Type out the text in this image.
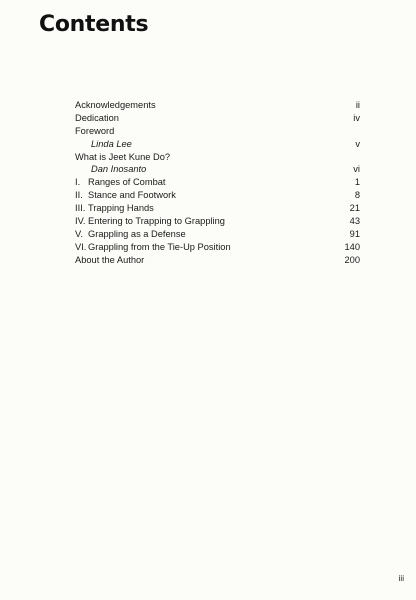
Contents
Acknowledgements	ii
Dedication	iv
Foreword
Linda Lee	v
What is Jeet Kune Do?
Dan Inosanto	vi
I. Ranges of Combat	1
II. Stance and Footwork	8
III. Trapping Hands	21
IV. Entering to Trapping to Grappling	43
V. Grappling as a Defense	91
VI. Grappling from the Tie-Up Position	140
About the Author	200
iii
